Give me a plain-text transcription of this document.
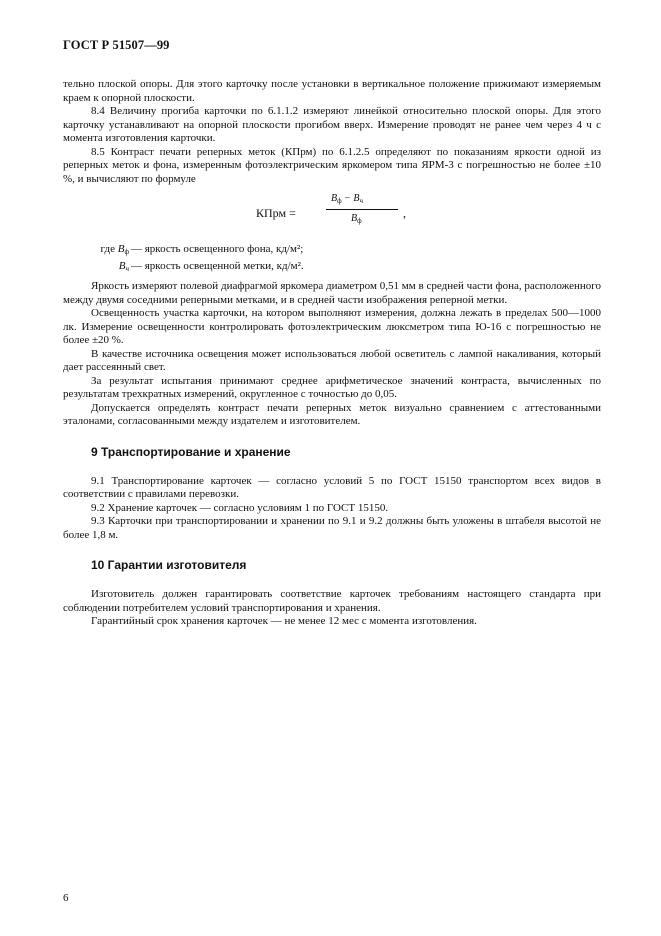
ГОСТ Р 51507—99

тельно плоской опоры. Для этого карточку после установки в вертикальное положение прижимают измеряемым краем к опорной плоскости.

8.4 Величину прогиба карточки по 6.1.1.2 измеряют линейкой относительно плоской опоры. Для этого карточку устанавливают на опорной плоскости прогибом вверх. Измерение проводят не ранее чем через 4 ч с момента изготовления карточки.

8.5 Контраст печати реперных меток (КПрм) по 6.1.2.5 определяют по показаниям яркости одной из реперных меток и фона, измеренным фотоэлектрическим яркомером типа ЯРМ-3 с погрешностью не более ±10 %, и вычисляют по формуле

КПрм =
$B_ф - B_ч$
$B_ф$
,
где $B_ф$ — яркость освещенного фона, кд/м²;
$B_ч$ — яркость освещенной метки, кд/м².

Яркость измеряют полевой диафрагмой яркомера диаметром 0,51 мм в средней части фона, расположенного между двумя соседними реперными метками, и в средней части изображения реперной метки.

Освещенность участка карточки, на котором выполняют измерения, должна лежать в пределах 500—1000 лк. Измерение освещенности контролировать фотоэлектрическим люксметром типа Ю-16 с погрешностью не более ±20 %.

В качестве источника освещения может использоваться любой осветитель с лампой накаливания, который дает рассеянный свет.

За результат испытания принимают среднее арифметическое значений контраста, вычисленных по результатам трехкратных измерений, округленное с точностью до 0,05.

Допускается определять контраст печати реперных меток визуально сравнением с аттестованными эталонами, согласованными между издателем и изготовителем.

9 Транспортирование и хранение

9.1 Транспортирование карточек — согласно условий 5 по ГОСТ 15150 транспортом всех видов в соответствии с правилами перевозки.

9.2 Хранение карточек — согласно условиям 1 по ГОСТ 15150.

9.3 Карточки при транспортировании и хранении по 9.1 и 9.2 должны быть уложены в штабеля высотой не более 1,8 м.

10 Гарантии изготовителя

Изготовитель должен гарантировать соответствие карточек требованиям настоящего стандарта при соблюдении потребителем условий транспортирования и хранения.

Гарантийный срок хранения карточек — не менее 12 мес с момента изготовления.

6
